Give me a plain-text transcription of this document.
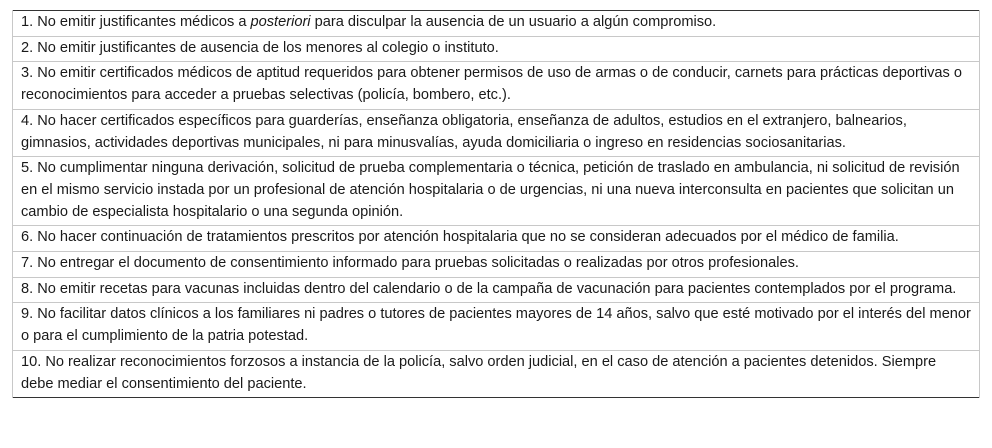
1. No emitir justificantes médicos a posteriori para disculpar la ausencia de un usuario a algún compromiso.
2. No emitir justificantes de ausencia de los menores al colegio o instituto.
3. No emitir certificados médicos de aptitud requeridos para obtener permisos de uso de armas o de conducir, carnets para prácticas deportivas o reconocimientos para acceder a pruebas selectivas (policía, bombero, etc.).
4. No hacer certificados específicos para guarderías, enseñanza obligatoria, enseñanza de adultos, estudios en el extranjero, balnearios, gimnasios, actividades deportivas municipales, ni para minusvalías, ayuda domiciliaria o ingreso en residencias sociosanitarias.
5. No cumplimentar ninguna derivación, solicitud de prueba complementaria o técnica, petición de traslado en ambulancia, ni solicitud de revisión en el mismo servicio instada por un profesional de atención hospitalaria o de urgencias, ni una nueva interconsulta en pacientes que solicitan un cambio de especialista hospitalario o una segunda opinión.
6. No hacer continuación de tratamientos prescritos por atención hospitalaria que no se consideran adecuados por el médico de familia.
7. No entregar el documento de consentimiento informado para pruebas solicitadas o realizadas por otros profesionales.
8. No emitir recetas para vacunas incluidas dentro del calendario o de la campaña de vacunación para pacientes contemplados por el programa.
9. No facilitar datos clínicos a los familiares ni padres o tutores de pacientes mayores de 14 años, salvo que esté motivado por el interés del menor o para el cumplimiento de la patria potestad.
10. No realizar reconocimientos forzosos a instancia de la policía, salvo orden judicial, en el caso de atención a pacientes detenidos. Siempre debe mediar el consentimiento del paciente.
